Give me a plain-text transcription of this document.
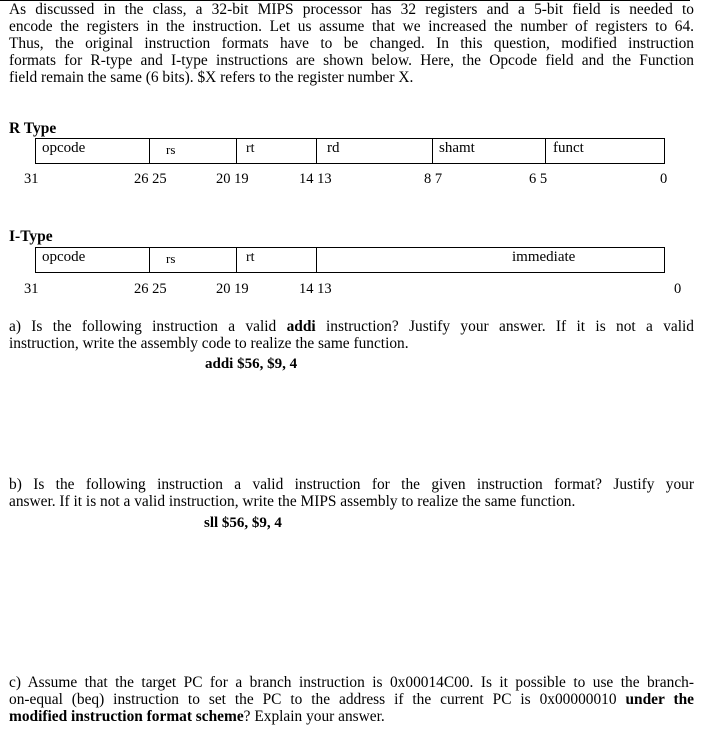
As discussed in the class, a 32-bit MIPS processor has 32 registers and a 5-bit field is needed to
encode the registers in the instruction. Let us assume that we increased the number of registers to 64.
Thus, the original instruction formats have to be changed. In this question, modified instruction
formats for R-type and I-type instructions are shown below. Here, the Opcode field and the Function
field remain the same (6 bits). $X refers to the register number X.
R Type
opcode	rs	rt	rd	shamt	funct
31	26 25	20 19	14 13	8 7	6 5	0
I-Type
opcode	rs	rt	immediate
31	26 25	20 19	14 13	0
a) Is the following instruction a valid addi instruction? Justify your answer. If it is not a valid
instruction, write the assembly code to realize the same function.
addi $56, $9, 4
b) Is the following instruction a valid instruction for the given instruction format? Justify your
answer. If it is not a valid instruction, write the MIPS assembly to realize the same function.
sll $56, $9, 4
c) Assume that the target PC for a branch instruction is 0x00014C00. Is it possible to use the branch-
on-equal (beq) instruction to set the PC to the address if the current PC is 0x00000010 under the
modified instruction format scheme? Explain your answer.
